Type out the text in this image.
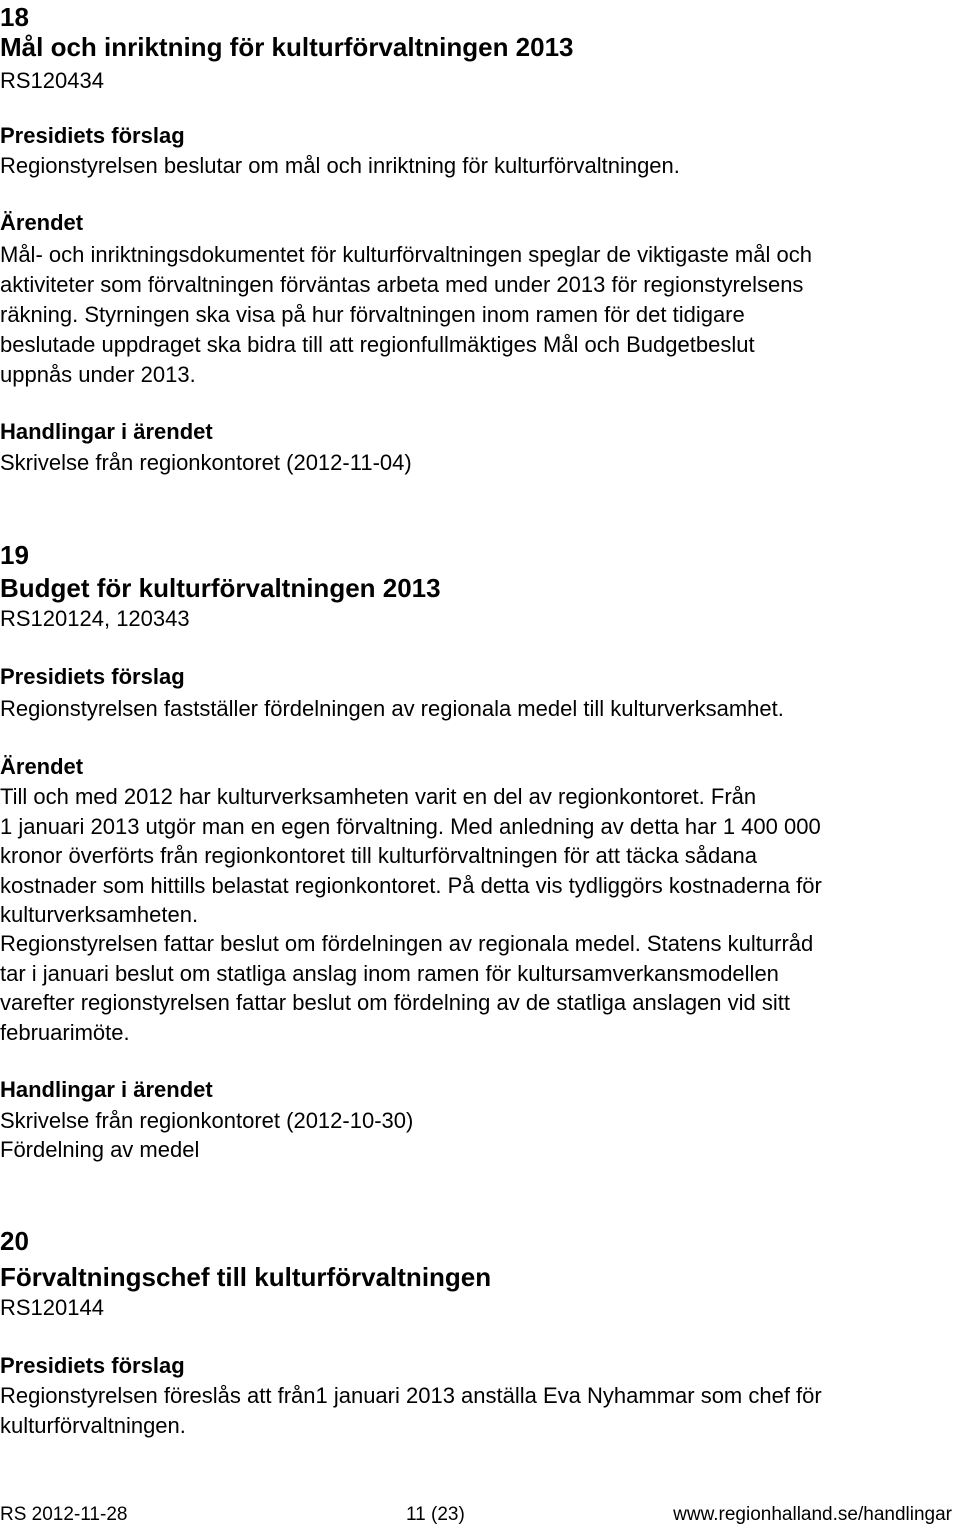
18
Mål och inriktning för kulturförvaltningen 2013
RS120434
Presidiets förslag
Regionstyrelsen beslutar om mål och inriktning för kulturförvaltningen.
Ärendet
Mål- och inriktningsdokumentet för kulturförvaltningen speglar de viktigaste mål och
aktiviteter som förvaltningen förväntas arbeta med under 2013 för regionstyrelsens
räkning. Styrningen ska visa på hur förvaltningen inom ramen för det tidigare
beslutade uppdraget ska bidra till att regionfullmäktiges Mål och Budgetbeslut
uppnås under 2013.
Handlingar i ärendet
Skrivelse från regionkontoret (2012-11-04)
19
Budget för kulturförvaltningen 2013
RS120124, 120343
Presidiets förslag
Regionstyrelsen fastställer fördelningen av regionala medel till kulturverksamhet.
Ärendet
Till och med 2012 har kulturverksamheten varit en del av regionkontoret. Från
1 januari 2013 utgör man en egen förvaltning. Med anledning av detta har 1 400 000
kronor överförts från regionkontoret till kulturförvaltningen för att täcka sådana
kostnader som hittills belastat regionkontoret. På detta vis tydliggörs kostnaderna för
kulturverksamheten.
Regionstyrelsen fattar beslut om fördelningen av regionala medel. Statens kulturråd
tar i januari beslut om statliga anslag inom ramen för kultursamverkansmodellen
varefter regionstyrelsen fattar beslut om fördelning av de statliga anslagen vid sitt
februarimöte.
Handlingar i ärendet
Skrivelse från regionkontoret (2012-10-30)
Fördelning av medel
20
Förvaltningschef till kulturförvaltningen
RS120144
Presidiets förslag
Regionstyrelsen föreslås att från1 januari 2013 anställa Eva Nyhammar som chef för
kulturförvaltningen.
RS 2012-11-28	11 (23)	www.regionhalland.se/handlingar
